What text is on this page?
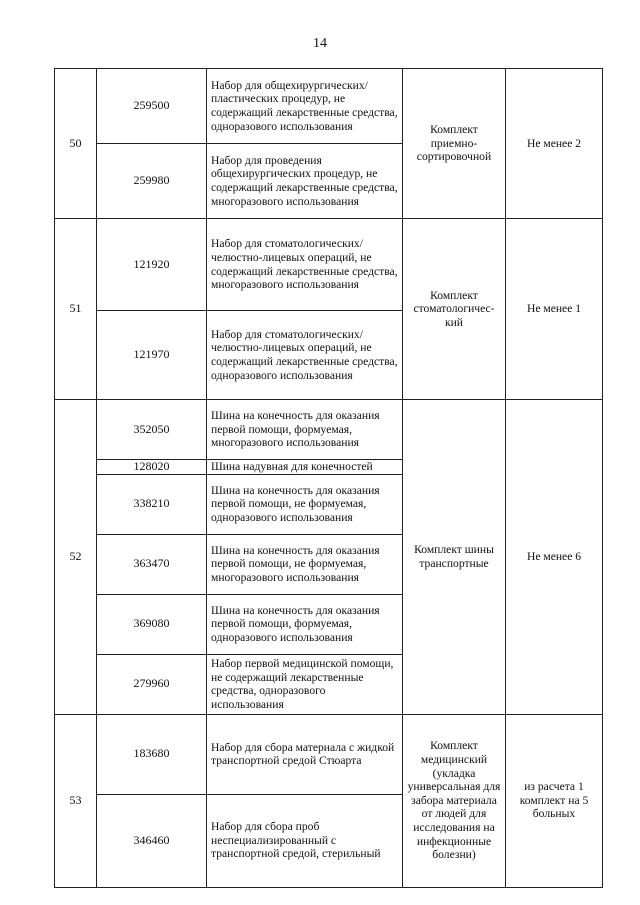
14
50	259500	Набор для общехирургических/пластических процедур, не содержащий лекарственные средства, одноразового использования	Комплект приемно-сортировочной	Не менее 2
	259980	Набор для проведения общехирургических процедур, не содержащий лекарственные средства, многоразового использования		
51	121920	Набор для стоматологических/челюстно-лицевых операций, не содержащий лекарственные средства, многоразового использования	Комплект стоматологичес-кий	Не менее 1
	121970	Набор для стоматологических/челюстно-лицевых операций, не содержащий лекарственные средства, одноразового использования		
52	352050	Шина на конечность для оказания первой помощи, формуемая, многоразового использования	Комплект шины транспортные	Не менее 6
	128020	Шина надувная для конечностей		
	338210	Шина на конечность для оказания первой помощи, не формуемая, одноразового использования		
	363470	Шина на конечность для оказания первой помощи, не формуемая, многоразового использования		
	369080	Шина на конечность для оказания первой помощи, формуемая, одноразового использования		
	279960	Набор первой медицинской помощи, не содержащий лекарственные средства, одноразового использования		
53	183680	Набор для сбора материала с жидкой транспортной средой Стюарта	Комплект медицинский (укладка универсальная для забора материала от людей для исследования на инфекционные болезни)	из расчета 1 комплект на 5 больных
	346460	Набор для сбора проб неспециализированный с транспортной средой, стерильный		
